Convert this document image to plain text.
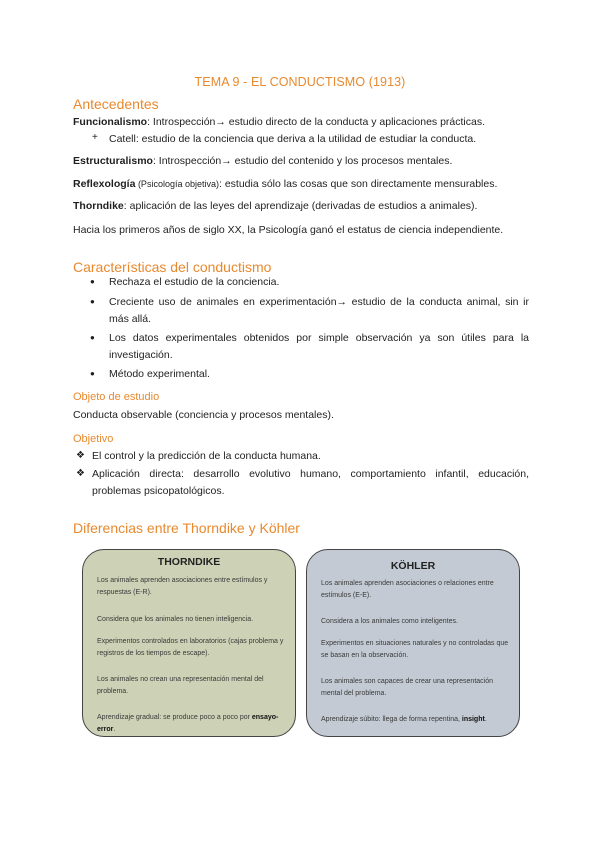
TEMA 9 - EL CONDUCTISMO (1913)
Antecedentes
Funcionalismo: Introspección→ estudio directo de la conducta y aplicaciones prácticas.
+ Catell: estudio de la conciencia que deriva a la utilidad de estudiar la conducta.
Estructuralismo: Introspección→ estudio del contenido y los procesos mentales.
Reflexología (Psicología objetiva): estudia sólo las cosas que son directamente mensurables.
Thorndike: aplicación de las leyes del aprendizaje (derivadas de estudios a animales).
Hacia los primeros años de siglo XX, la Psicología ganó el estatus de ciencia independiente.
Características del conductismo
● Rechaza el estudio de la conciencia.
● Creciente uso de animales en experimentación→ estudio de la conducta animal, sin ir más allá.
● Los datos experimentales obtenidos por simple observación ya son útiles para la investigación.
● Método experimental.
Objeto de estudio
Conducta observable (conciencia y procesos mentales).
Objetivo
❖ El control y la predicción de la conducta humana.
❖ Aplicación directa: desarrollo evolutivo humano, comportamiento infantil, educación, problemas psicopatológicos.
Diferencias entre Thorndike y Köhler
THORNDIKE
Los animales aprenden asociaciones entre estímulos y respuestas (E-R).
Considera que los animales no tienen inteligencia.
Experimentos controlados en laboratorios (cajas problema y registros de los tiempos de escape).
Los animales no crean una representación mental del problema.
Aprendizaje gradual: se produce poco a poco por ensayo-error.
KÖHLER
Los animales aprenden asociaciones o relaciones entre estímulos (E-E).
Considera a los animales como inteligentes.
Experimentos en situaciones naturales y no controladas que se basan en la observación.
Los animales son capaces de crear una representación mental del problema.
Aprendizaje súbito: llega de forma repentina, insight.
